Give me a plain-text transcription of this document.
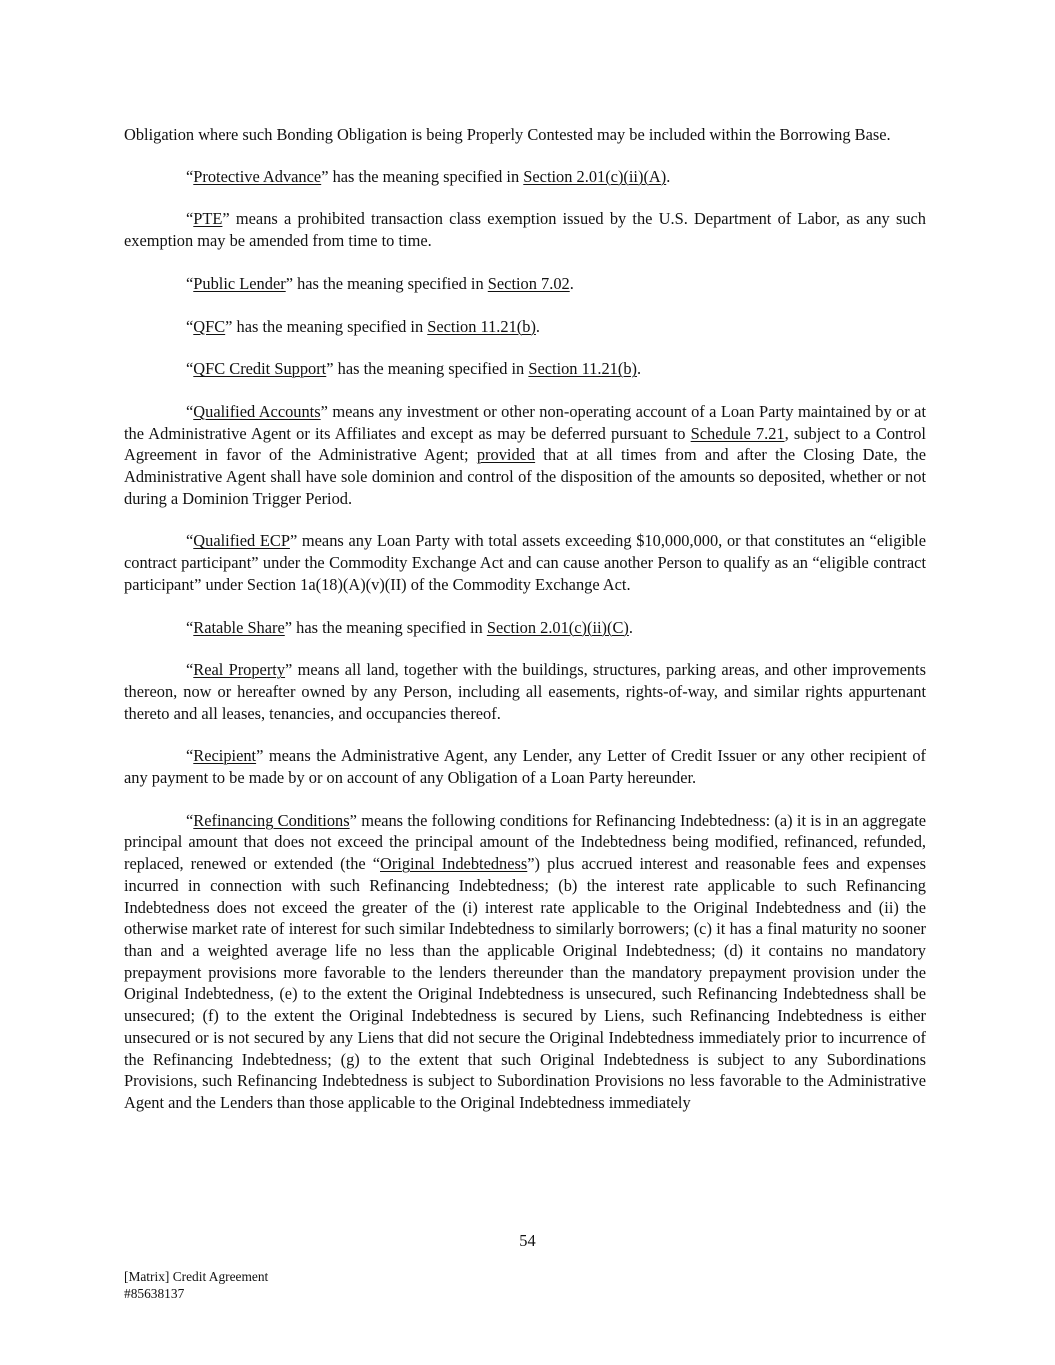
Obligation where such Bonding Obligation is being Properly Contested may be included within the Borrowing Base.

“Protective Advance” has the meaning specified in Section 2.01(c)(ii)(A).

“PTE” means a prohibited transaction class exemption issued by the U.S. Department of Labor, as any such exemption may be amended from time to time.

“Public Lender” has the meaning specified in Section 7.02.

“QFC” has the meaning specified in Section 11.21(b).

“QFC Credit Support” has the meaning specified in Section 11.21(b).

“Qualified Accounts” means any investment or other non-operating account of a Loan Party maintained by or at the Administrative Agent or its Affiliates and except as may be deferred pursuant to Schedule 7.21, subject to a Control Agreement in favor of the Administrative Agent; provided that at all times from and after the Closing Date, the Administrative Agent shall have sole dominion and control of the disposition of the amounts so deposited, whether or not during a Dominion Trigger Period.

“Qualified ECP” means any Loan Party with total assets exceeding $10,000,000, or that constitutes an “eligible contract participant” under the Commodity Exchange Act and can cause another Person to qualify as an “eligible contract participant” under Section 1a(18)(A)(v)(II) of the Commodity Exchange Act.

“Ratable Share” has the meaning specified in Section 2.01(c)(ii)(C).

“Real Property” means all land, together with the buildings, structures, parking areas, and other improvements thereon, now or hereafter owned by any Person, including all easements, rights-of-way, and similar rights appurtenant thereto and all leases, tenancies, and occupancies thereof.

“Recipient” means the Administrative Agent, any Lender, any Letter of Credit Issuer or any other recipient of any payment to be made by or on account of any Obligation of a Loan Party hereunder.

“Refinancing Conditions” means the following conditions for Refinancing Indebtedness: (a) it is in an aggregate principal amount that does not exceed the principal amount of the Indebtedness being modified, refinanced, refunded, replaced, renewed or extended (the “Original Indebtedness”) plus accrued interest and reasonable fees and expenses incurred in connection with such Refinancing Indebtedness; (b) the interest rate applicable to such Refinancing Indebtedness does not exceed the greater of the (i) interest rate applicable to the Original Indebtedness and (ii) the otherwise market rate of interest for such similar Indebtedness to similarly borrowers; (c) it has a final maturity no sooner than and a weighted average life no less than the applicable Original Indebtedness; (d) it contains no mandatory prepayment provisions more favorable to the lenders thereunder than the mandatory prepayment provision under the Original Indebtedness, (e) to the extent the Original Indebtedness is unsecured, such Refinancing Indebtedness shall be unsecured; (f) to the extent the Original Indebtedness is secured by Liens, such Refinancing Indebtedness is either unsecured or is not secured by any Liens that did not secure the Original Indebtedness immediately prior to incurrence of the Refinancing Indebtedness; (g) to the extent that such Original Indebtedness is subject to any Subordinations Provisions, such Refinancing Indebtedness is subject to Subordination Provisions no less favorable to the Administrative Agent and the Lenders than those applicable to the Original Indebtedness immediately

54
[Matrix] Credit Agreement
#85638137
